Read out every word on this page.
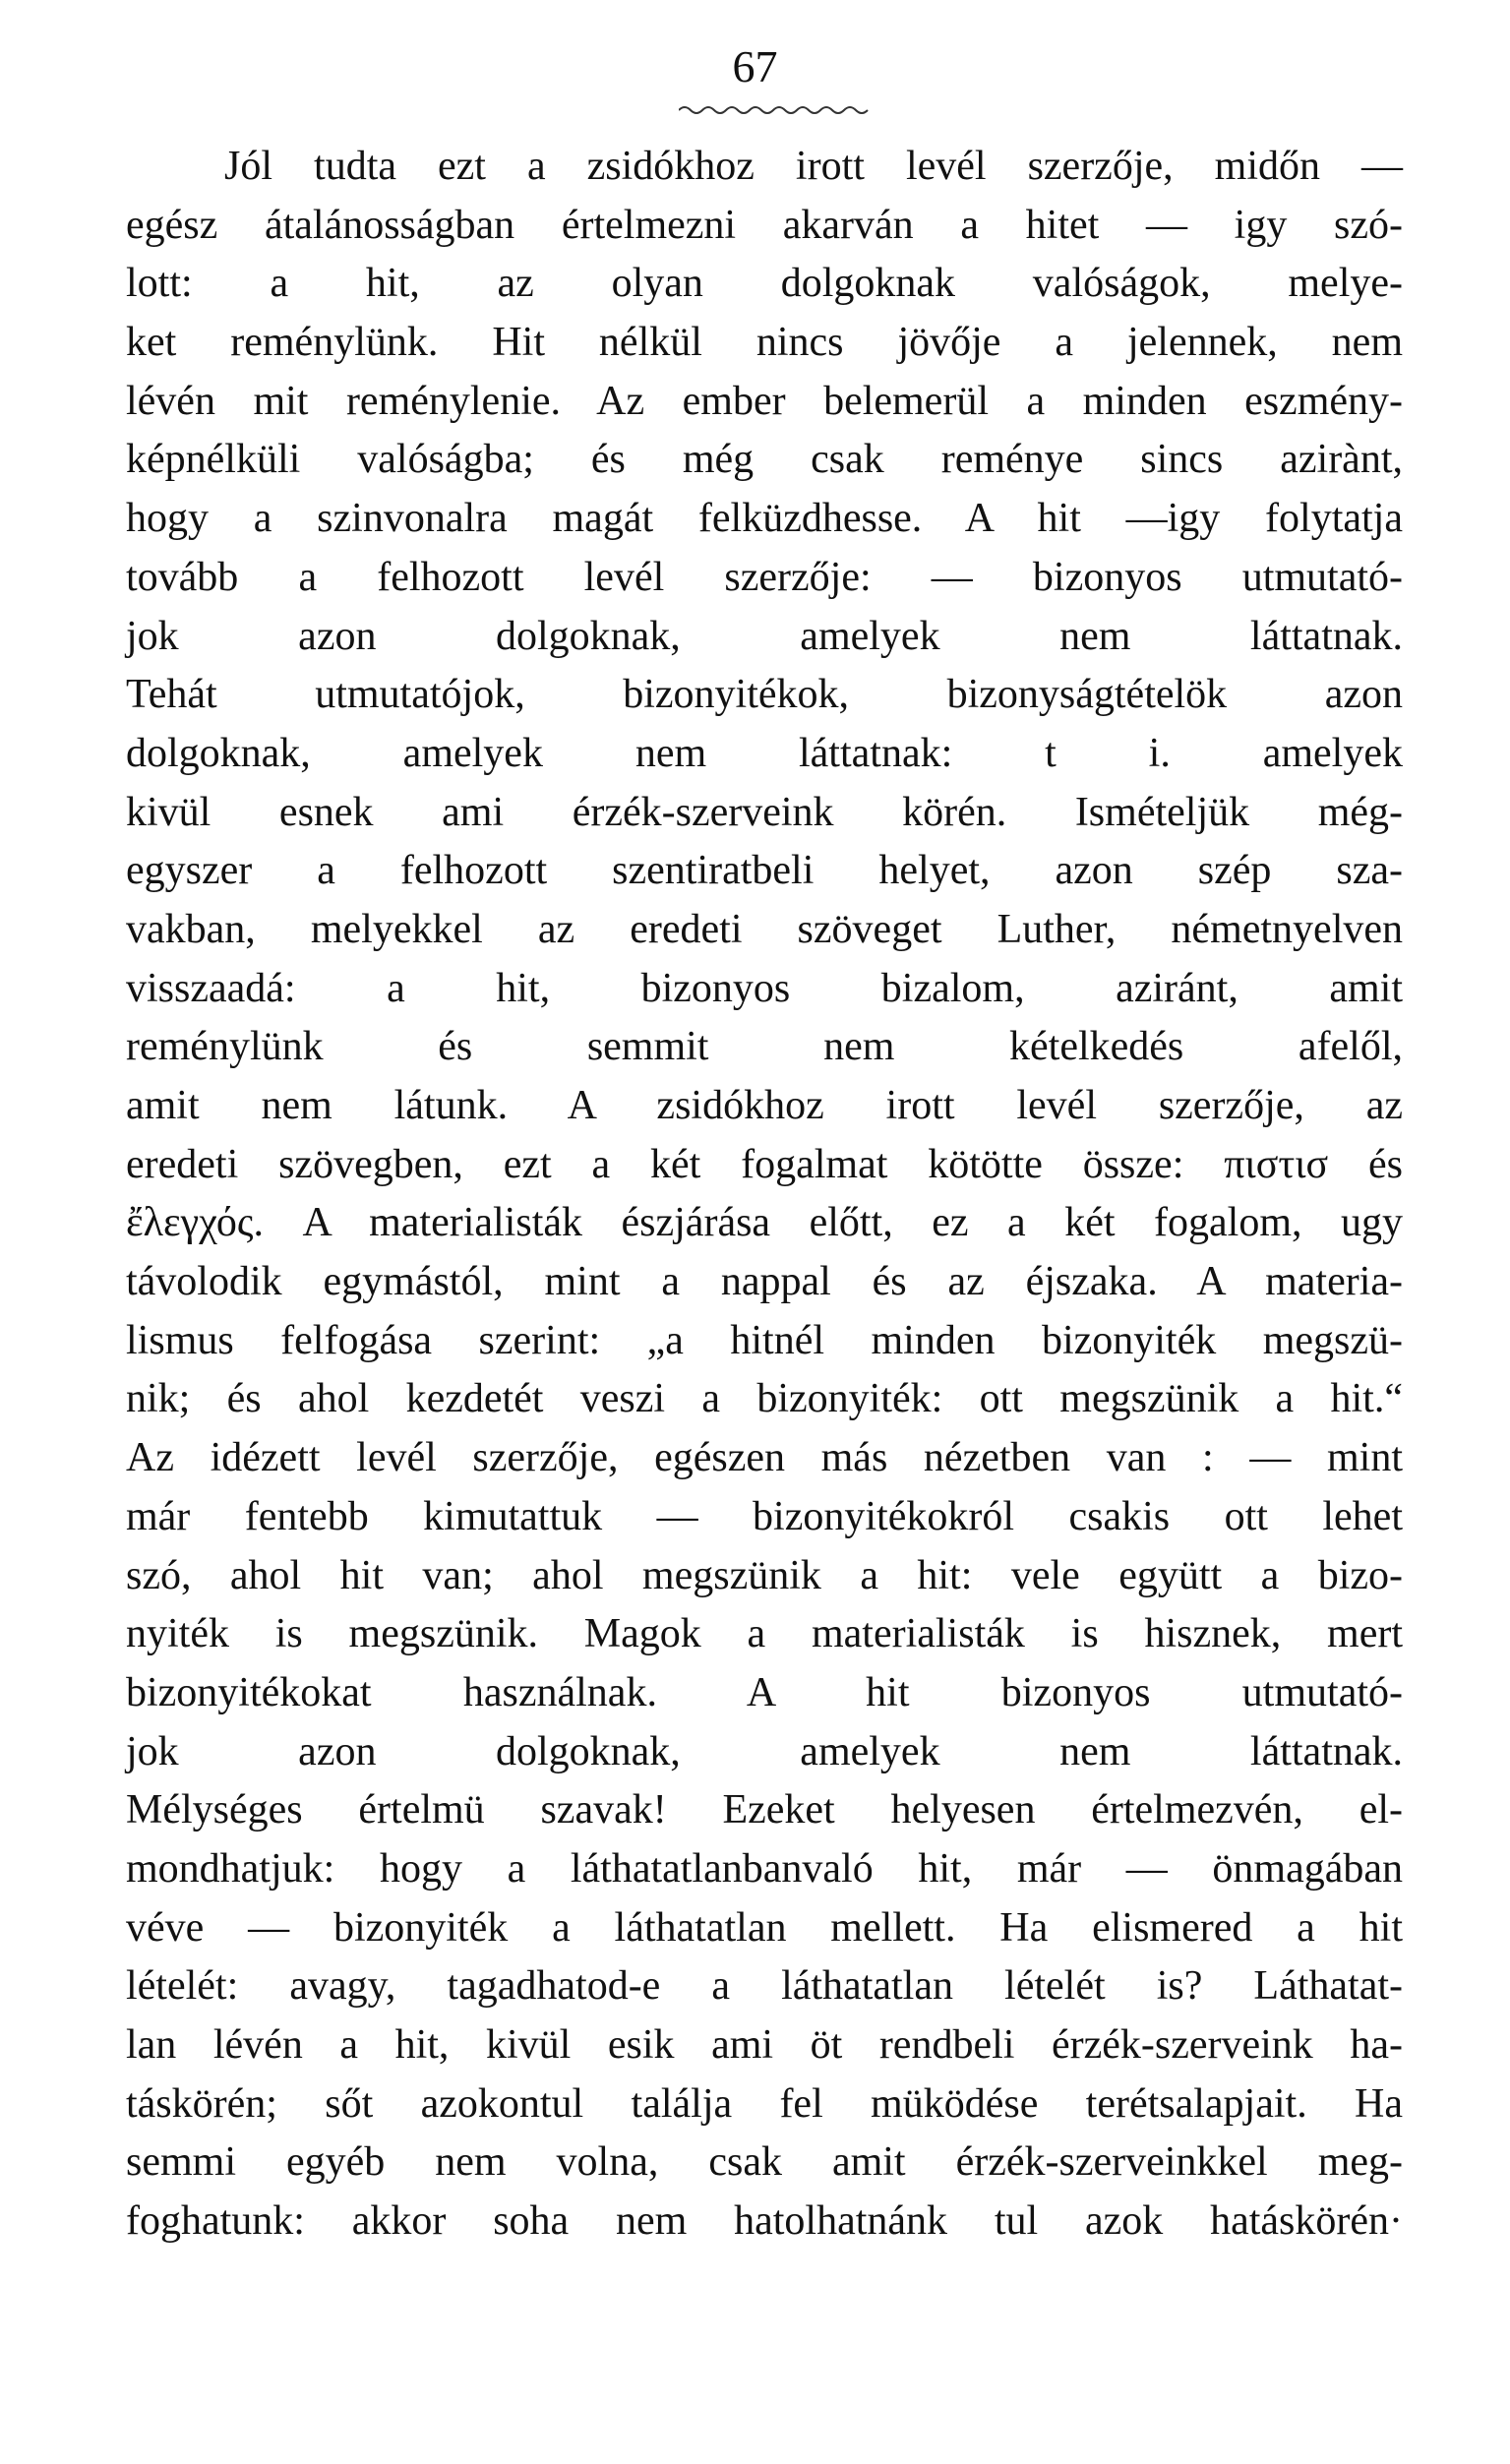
67
Jól tudta ezt a zsidókhoz irott levél szerzője, midőn —
egész átalánosságban értelmezni akarván a hitet — igy szó-
lott: a hit, az olyan dolgoknak valóságok, melye-
ket reménylünk. Hit nélkül nincs jövője a jelennek, nem
lévén mit reménylenie. Az ember belemerül a minden eszmény-
képnélküli valóságba; és még csak reménye sincs azirànt,
hogy a szinvonalra magát felküzdhesse. A hit —igy folytatja
tovább a felhozott levél szerzője: — bizonyos utmutató-
jok azon dolgoknak, amelyek nem láttatnak.
Tehát utmutatójok, bizonyitékok, bizonyságtételök azon
dolgoknak, amelyek nem láttatnak: t i. amelyek
kivül esnek ami érzék-szerveink körén. Ismételjük még-
egyszer a felhozott szentiratbeli helyet, azon szép sza-
vakban, melyekkel az eredeti szöveget Luther, németnyelven
visszaadá: a hit, bizonyos bizalom, aziránt, amit
reménylünk és semmit nem kételkedés afelől,
amit nem látunk. A zsidókhoz irott levél szerzője, az
eredeti szövegben, ezt a két fogalmat kötötte össze: πιστισ és
ἔλεγχός. A materialisták észjárása előtt, ez a két fogalom, ugy
távolodik egymástól, mint a nappal és az éjszaka. A materia-
lismus felfogása szerint: „a hitnél minden bizonyiték megszü-
nik; és ahol kezdetét veszi a bizonyiték: ott megszünik a hit.“
Az idézett levél szerzője, egészen más nézetben van : — mint
már fentebb kimutattuk — bizonyitékokról csakis ott lehet
szó, ahol hit van; ahol megszünik a hit: vele együtt a bizo-
nyiték is megszünik. Magok a materialisták is hisznek, mert
bizonyitékokat használnak. A hit bizonyos utmutató-
jok azon dolgoknak, amelyek nem láttatnak.
Mélységes értelmü szavak! Ezeket helyesen értelmezvén, el-
mondhatjuk: hogy a láthatatlanbanvaló hit, már — önmagában
véve — bizonyiték a láthatatlan mellett. Ha elismered a hit
lételét: avagy, tagadhatod-e a láthatatlan lételét is? Láthatat-
lan lévén a hit, kivül esik ami öt rendbeli érzék-szerveink ha-
táskörén; sőt azokontul találja fel müködése terétsalapjait. Ha
semmi egyéb nem volna, csak amit érzék-szerveinkkel meg-
foghatunk: akkor soha nem hatolhatnánk tul azok hatáskörén·
